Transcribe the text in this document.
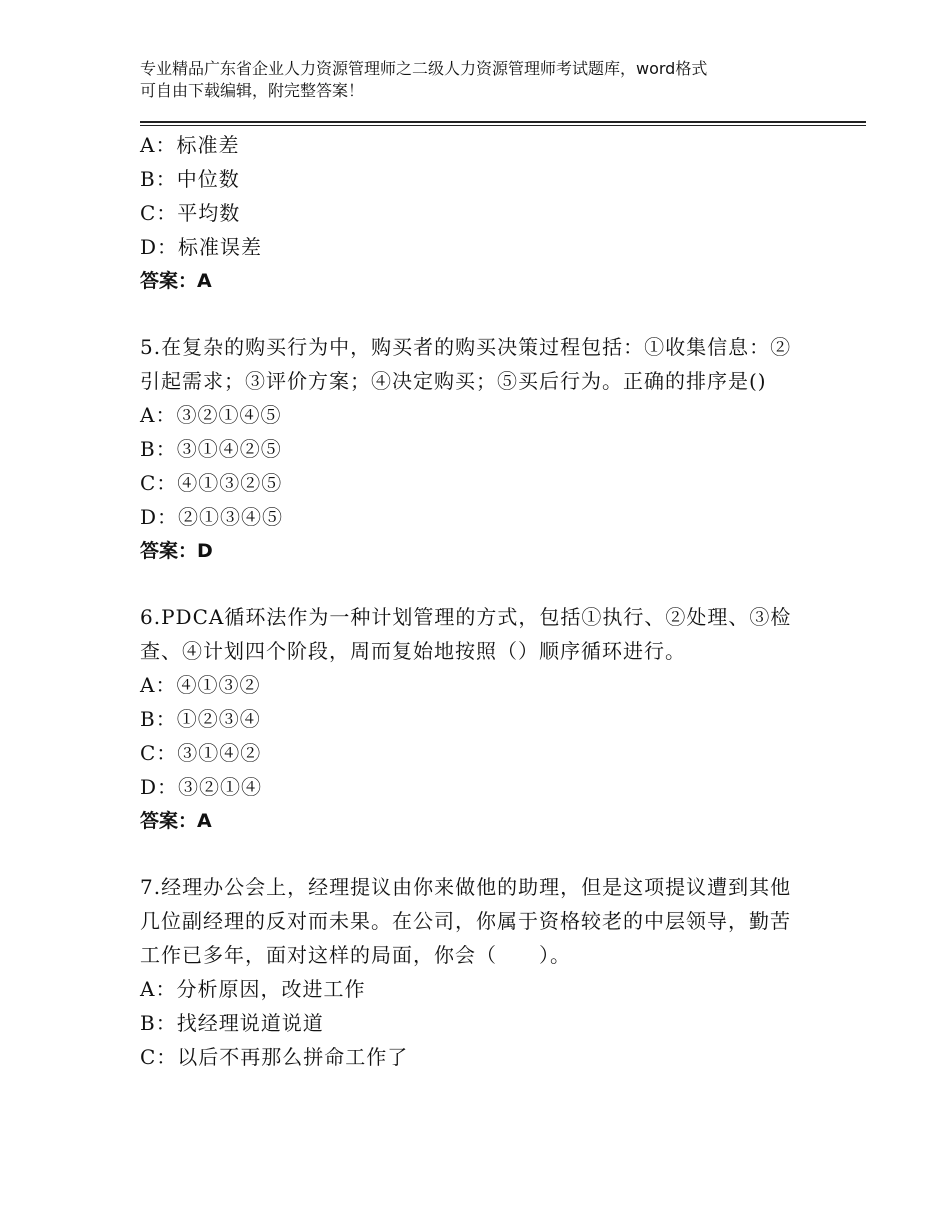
专业精品广东省企业人力资源管理师之二级人力资源管理师考试题库，word格式
可自由下载编辑，附完整答案！
A：标准差
B：中位数
C：平均数
D：标准误差
答案：A
5.在复杂的购买行为中，购买者的购买决策过程包括：①收集信息：②引起需求；③评价方案；④决定购买；⑤买后行为。正确的排序是()
A：③②①④⑤
B：③①④②⑤
C：④①③②⑤
D：②①③④⑤
答案：D
6.PDCA循环法作为一种计划管理的方式，包括①执行、②处理、③检查、④计划四个阶段，周而复始地按照（）顺序循环进行。
A：④①③②
B：①②③④
C：③①④②
D：③②①④
答案：A
7.经理办公会上，经理提议由你来做他的助理，但是这项提议遭到其他几位副经理的反对而未果。在公司，你属于资格较老的中层领导，勤苦工作已多年，面对这样的局面，你会（　　）。
A：分析原因，改进工作
B：找经理说道说道
C：以后不再那么拼命工作了
